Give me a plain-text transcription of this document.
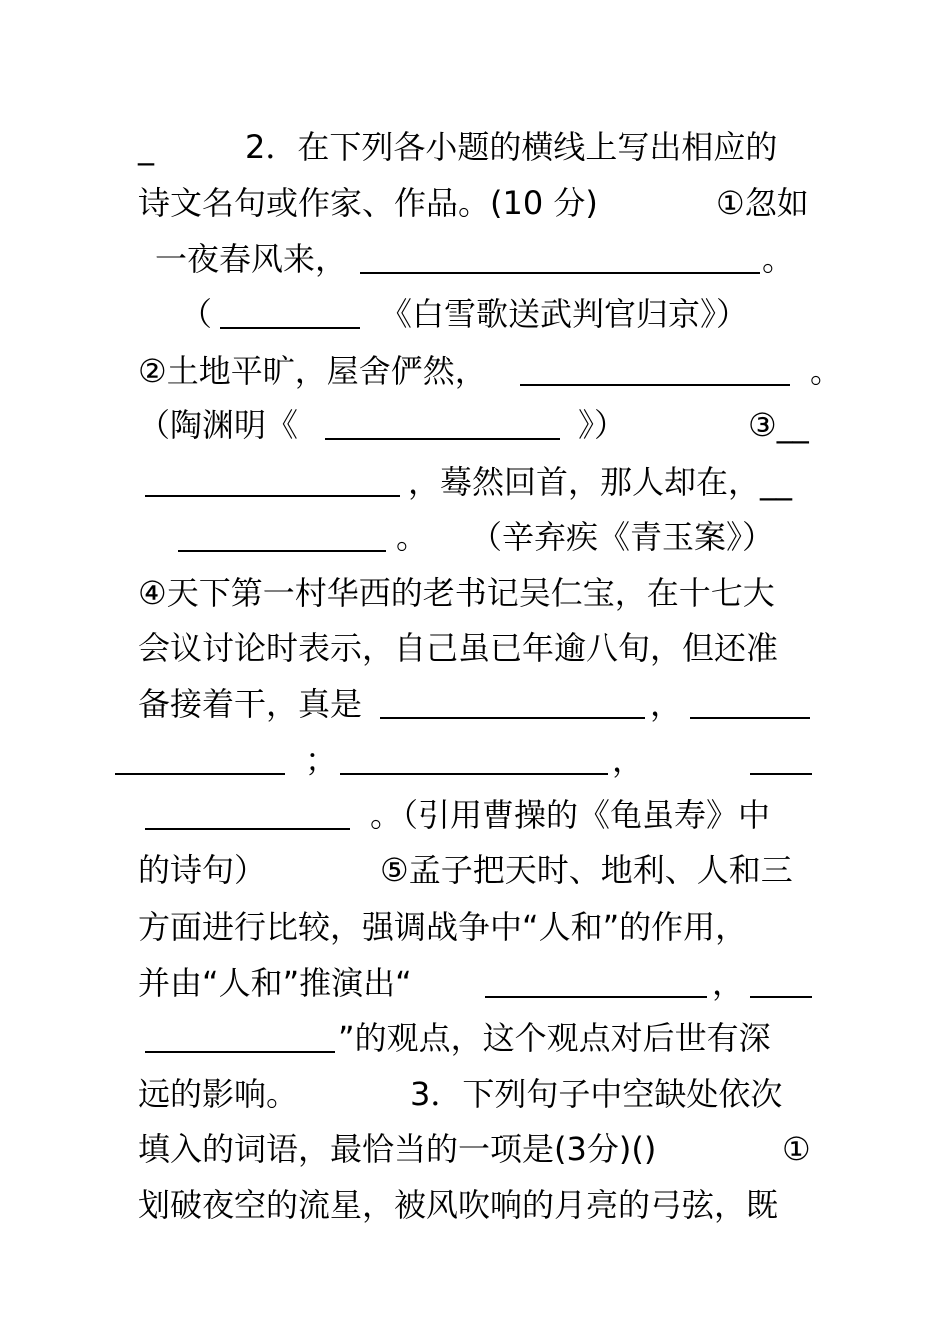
_

	2．在下列各小题的横线上写出相应的

诗文名句或作家、作品。(10 分)

	①忽如

一夜春风来，

	。

（

	《白雪歌送武判官归京》）

②土地平旷，屋舍俨然，

	。

（陶渊明《

	》）

	③__

，蓦然回首，那人却在，__

。

（辛弃疾《青玉案》）

④天下第一村华西的老书记吴仁宝，在十七大

会议讨论时表示，自己虽已年逾八旬，但还准

备接着干，真是

	，

；

	，

。（引用曹操的《龟虽寿》中

的诗句）

	⑤孟子把天时、地利、人和三

方面进行比较，强调战争中“人和”的作用，

并由“人和”推演出“

	，

”的观点，这个观点对后世有深

远的影响。

	3．下列句子中空缺处依次

填入的词语，最恰当的一项是(3分)()

	①

划破夜空的流星，被风吹响的月亮的弓弦，既
